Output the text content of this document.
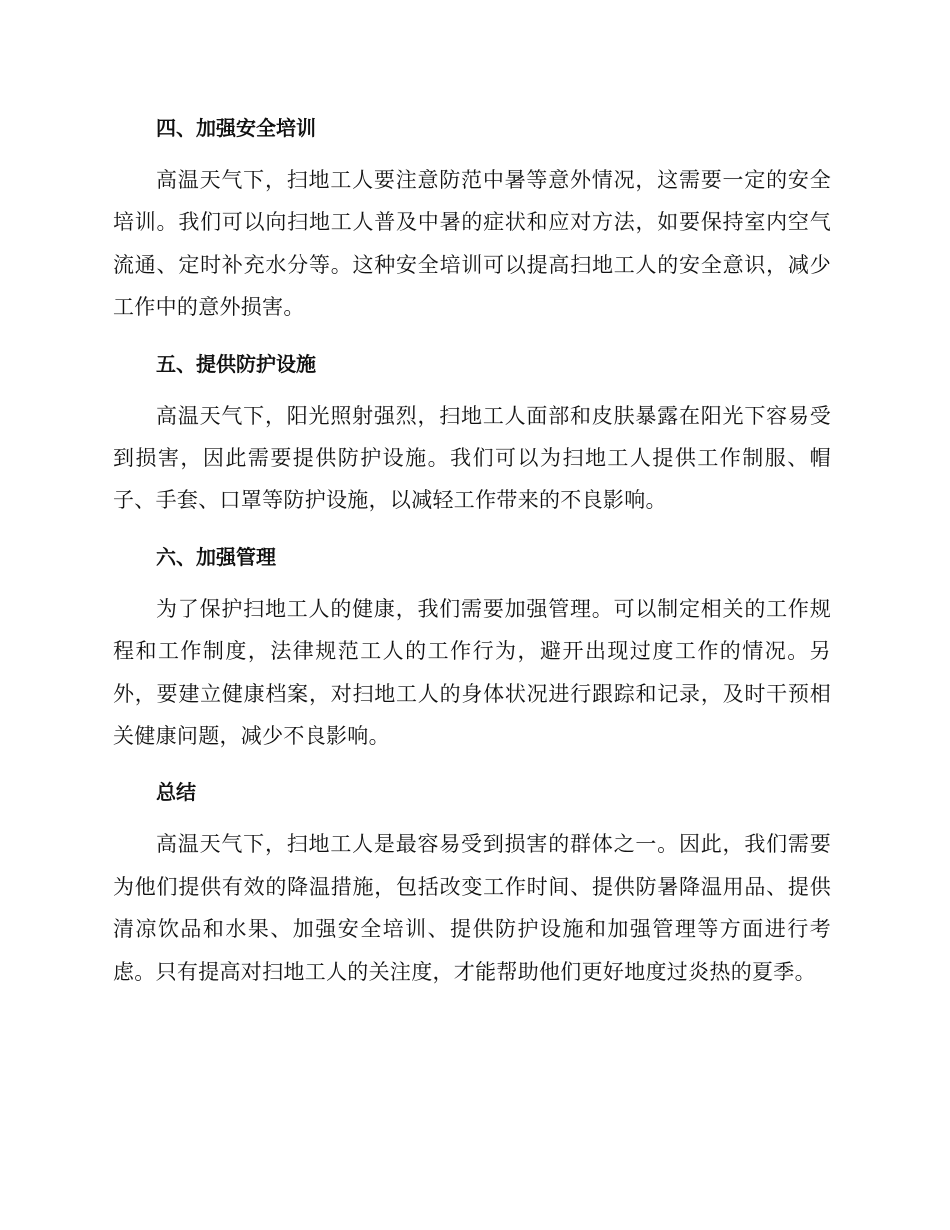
四、加强安全培训

高温天气下，扫地工人要注意防范中暑等意外情况，这需要一定的安全培训。我们可以向扫地工人普及中暑的症状和应对方法，如要保持室内空气流通、定时补充水分等。这种安全培训可以提高扫地工人的安全意识，减少工作中的意外损害。

五、提供防护设施

高温天气下，阳光照射强烈，扫地工人面部和皮肤暴露在阳光下容易受到损害，因此需要提供防护设施。我们可以为扫地工人提供工作制服、帽子、手套、口罩等防护设施，以减轻工作带来的不良影响。

六、加强管理

为了保护扫地工人的健康，我们需要加强管理。可以制定相关的工作规程和工作制度，法律规范工人的工作行为，避开出现过度工作的情况。另外，要建立健康档案，对扫地工人的身体状况进行跟踪和记录，及时干预相关健康问题，减少不良影响。

总结

高温天气下，扫地工人是最容易受到损害的群体之一。因此，我们需要为他们提供有效的降温措施，包括改变工作时间、提供防暑降温用品、提供清凉饮品和水果、加强安全培训、提供防护设施和加强管理等方面进行考虑。只有提高对扫地工人的关注度，才能帮助他们更好地度过炎热的夏季。
